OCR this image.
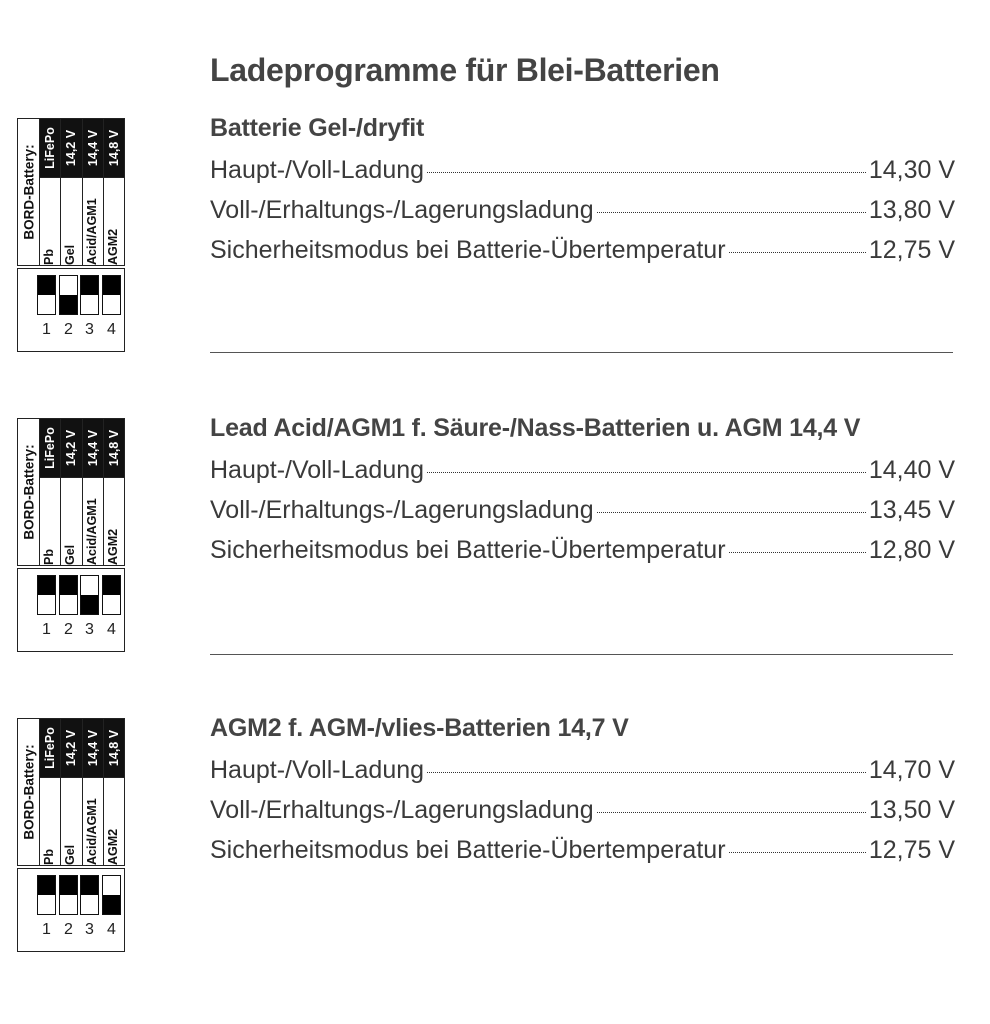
Ladeprogramme für Blei-Batterien
BORD-Battery: LiFePo
Pb
14,2 V
Gel
14,4 V
Acid/AGM1
14,8 V
AGM2
1 2 3 4
Batterie Gel-/dryfit
Haupt-/Voll-Ladung	14,30 V
Voll-/Erhaltungs-/Lagerungsladung	13,80 V
Sicherheitsmodus bei Batterie-Übertemperatur	12,75 V
BORD-Battery: LiFePo
Pb
14,2 V
Gel
14,4 V
Acid/AGM1
14,8 V
AGM2
1 2 3 4
Lead Acid/AGM1 f. Säure-/Nass-Batterien u. AGM 14,4 V
Haupt-/Voll-Ladung	14,40 V
Voll-/Erhaltungs-/Lagerungsladung	13,45 V
Sicherheitsmodus bei Batterie-Übertemperatur	12,80 V
BORD-Battery: LiFePo
Pb
14,2 V
Gel
14,4 V
Acid/AGM1
14,8 V
AGM2
1 2 3 4
AGM2 f. AGM-/vlies-Batterien 14,7 V
Haupt-/Voll-Ladung	14,70 V
Voll-/Erhaltungs-/Lagerungsladung	13,50 V
Sicherheitsmodus bei Batterie-Übertemperatur	12,75 V
